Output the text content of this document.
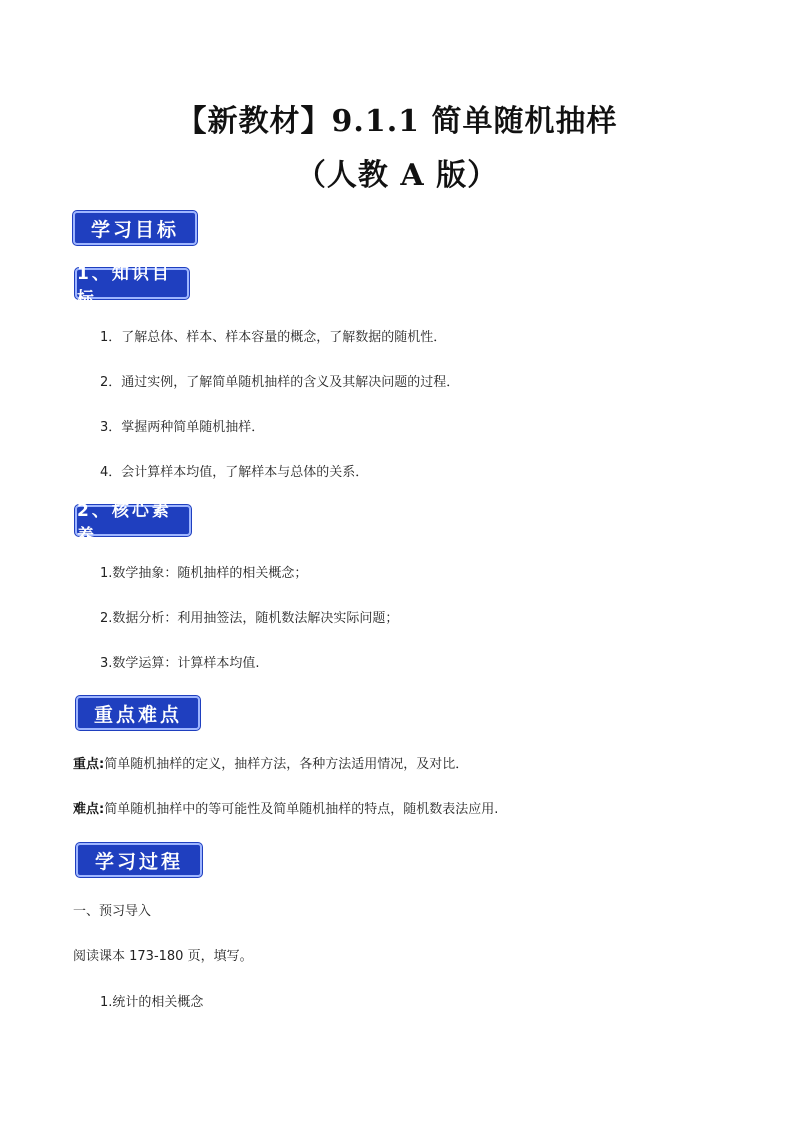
【新教材】9.1.1 简单随机抽样
（人教 A 版）
学习目标
1、知识目标
1．了解总体、样本、样本容量的概念，了解数据的随机性．
2．通过实例，了解简单随机抽样的含义及其解决问题的过程．
3．掌握两种简单随机抽样．
4．会计算样本均值，了解样本与总体的关系．
2、核心素养
1.数学抽象：随机抽样的相关概念；
2.数据分析：利用抽签法，随机数法解决实际问题；
3.数学运算：计算样本均值.
重点难点
重点:简单随机抽样的定义，抽样方法，各种方法适用情况，及对比．
难点:简单随机抽样中的等可能性及简单随机抽样的特点，随机数表法应用.
学习过程
一、预习导入
阅读课本 173-180 页，填写。
1.统计的相关概念
